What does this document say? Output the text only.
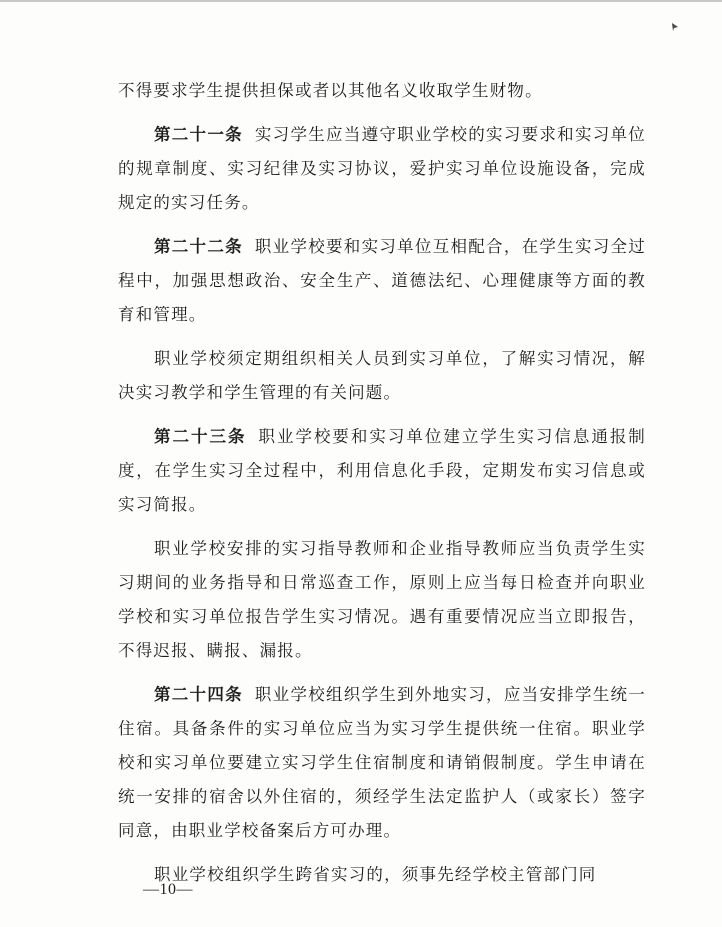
不得要求学生提供担保或者以其他名义收取学生财物。

第二十一条 实习学生应当遵守职业学校的实习要求和实习单位的规章制度、实习纪律及实习协议，爱护实习单位设施设备，完成规定的实习任务。

第二十二条 职业学校要和实习单位互相配合，在学生实习全过程中，加强思想政治、安全生产、道德法纪、心理健康等方面的教育和管理。

职业学校须定期组织相关人员到实习单位，了解实习情况，解决实习教学和学生管理的有关问题。

第二十三条 职业学校要和实习单位建立学生实习信息通报制度，在学生实习全过程中，利用信息化手段，定期发布实习信息或实习简报。

职业学校安排的实习指导教师和企业指导教师应当负责学生实习期间的业务指导和日常巡查工作，原则上应当每日检查并向职业学校和实习单位报告学生实习情况。遇有重要情况应当立即报告，不得迟报、瞒报、漏报。

第二十四条 职业学校组织学生到外地实习，应当安排学生统一住宿。具备条件的实习单位应当为实习学生提供统一住宿。职业学校和实习单位要建立实习学生住宿制度和请销假制度。学生申请在统一安排的宿舍以外住宿的，须经学生法定监护人（或家长）签字同意，由职业学校备案后方可办理。

职业学校组织学生跨省实习的，须事先经学校主管部门同

—10—
